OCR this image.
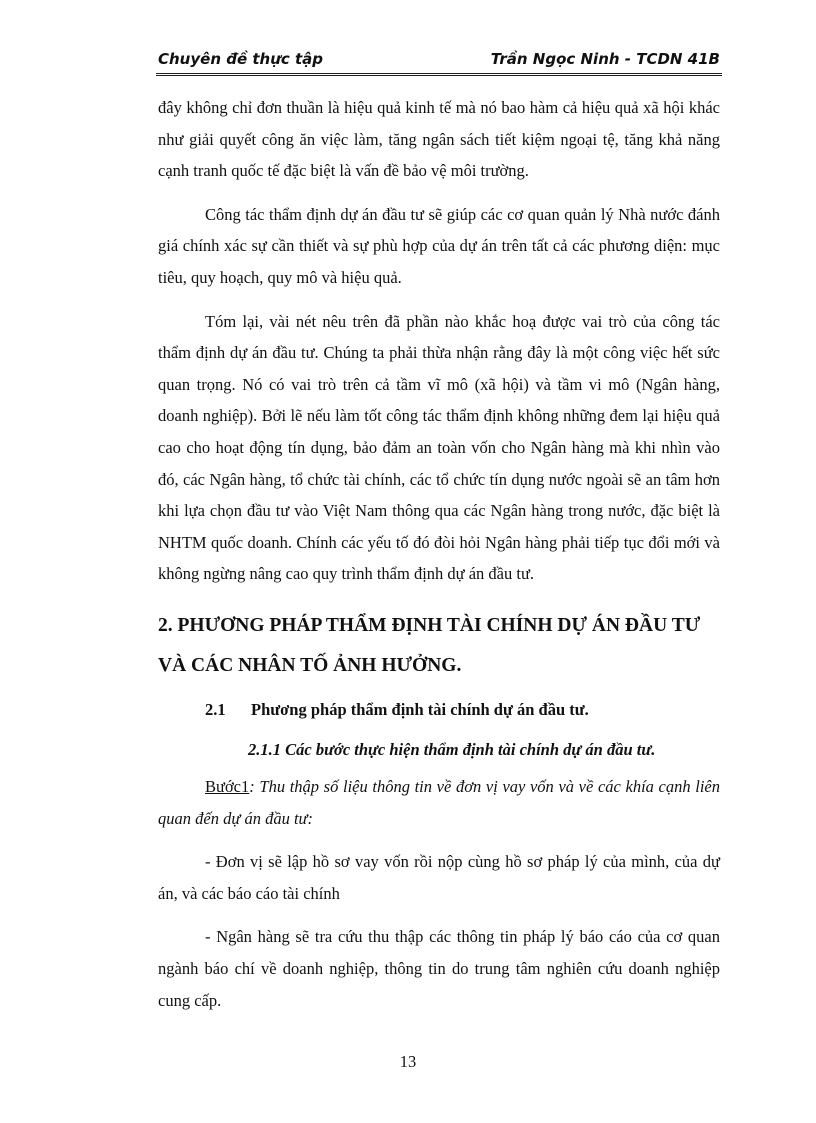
Chuyên đề thực tập	Trần Ngọc Ninh - TCDN 41B

đây không chỉ đơn thuần là hiệu quả kinh tế mà nó bao hàm cả hiệu quả xã hội khác như giải quyết công ăn việc làm, tăng ngân sách tiết kiệm ngoại tệ, tăng khả năng cạnh tranh quốc tế đặc biệt là vấn đề bảo vệ môi trường.

Công tác thẩm định dự án đầu tư sẽ giúp các cơ quan quản lý Nhà nước đánh giá chính xác sự cần thiết và sự phù hợp của dự án trên tất cả các phương diện: mục tiêu, quy hoạch, quy mô và hiệu quả.

Tóm lại, vài nét nêu trên đã phần nào khắc hoạ được vai trò của công tác thẩm định dự án đầu tư. Chúng ta phải thừa nhận rằng đây là một công việc hết sức quan trọng. Nó có vai trò trên cả tầm vĩ mô (xã hội) và tầm vi mô (Ngân hàng, doanh nghiệp). Bởi lẽ nếu làm tốt công tác thẩm định không những đem lại hiệu quả cao cho hoạt động tín dụng, bảo đảm an toàn vốn cho Ngân hàng mà khi nhìn vào đó, các Ngân hàng, tổ chức tài chính, các tổ chức tín dụng nước ngoài sẽ an tâm hơn khi lựa chọn đầu tư vào Việt Nam thông qua các Ngân hàng trong nước, đặc biệt là NHTM quốc doanh. Chính các yếu tố đó đòi hỏi Ngân hàng phải tiếp tục đổi mới và không ngừng nâng cao quy trình thẩm định dự án đầu tư.

2. PHƯƠNG PHÁP THẨM ĐỊNH TÀI CHÍNH DỰ ÁN ĐẦU TƯ VÀ CÁC NHÂN TỐ ẢNH HƯỞNG.
2.1 Phương pháp thẩm định tài chính dự án đầu tư.
2.1.1 Các bước thực hiện thẩm định tài chính dự án đầu tư.

Bước1: Thu thập số liệu thông tin về đơn vị vay vốn và về các khía cạnh liên quan đến dự án đầu tư:

- Đơn vị sẽ lập hồ sơ vay vốn rồi nộp cùng hồ sơ pháp lý của mình, của dự án, và các báo cáo tài chính

- Ngân hàng sẽ tra cứu thu thập các thông tin pháp lý báo cáo của cơ quan ngành báo chí về doanh nghiệp, thông tin do trung tâm nghiên cứu doanh nghiệp cung cấp.

13
